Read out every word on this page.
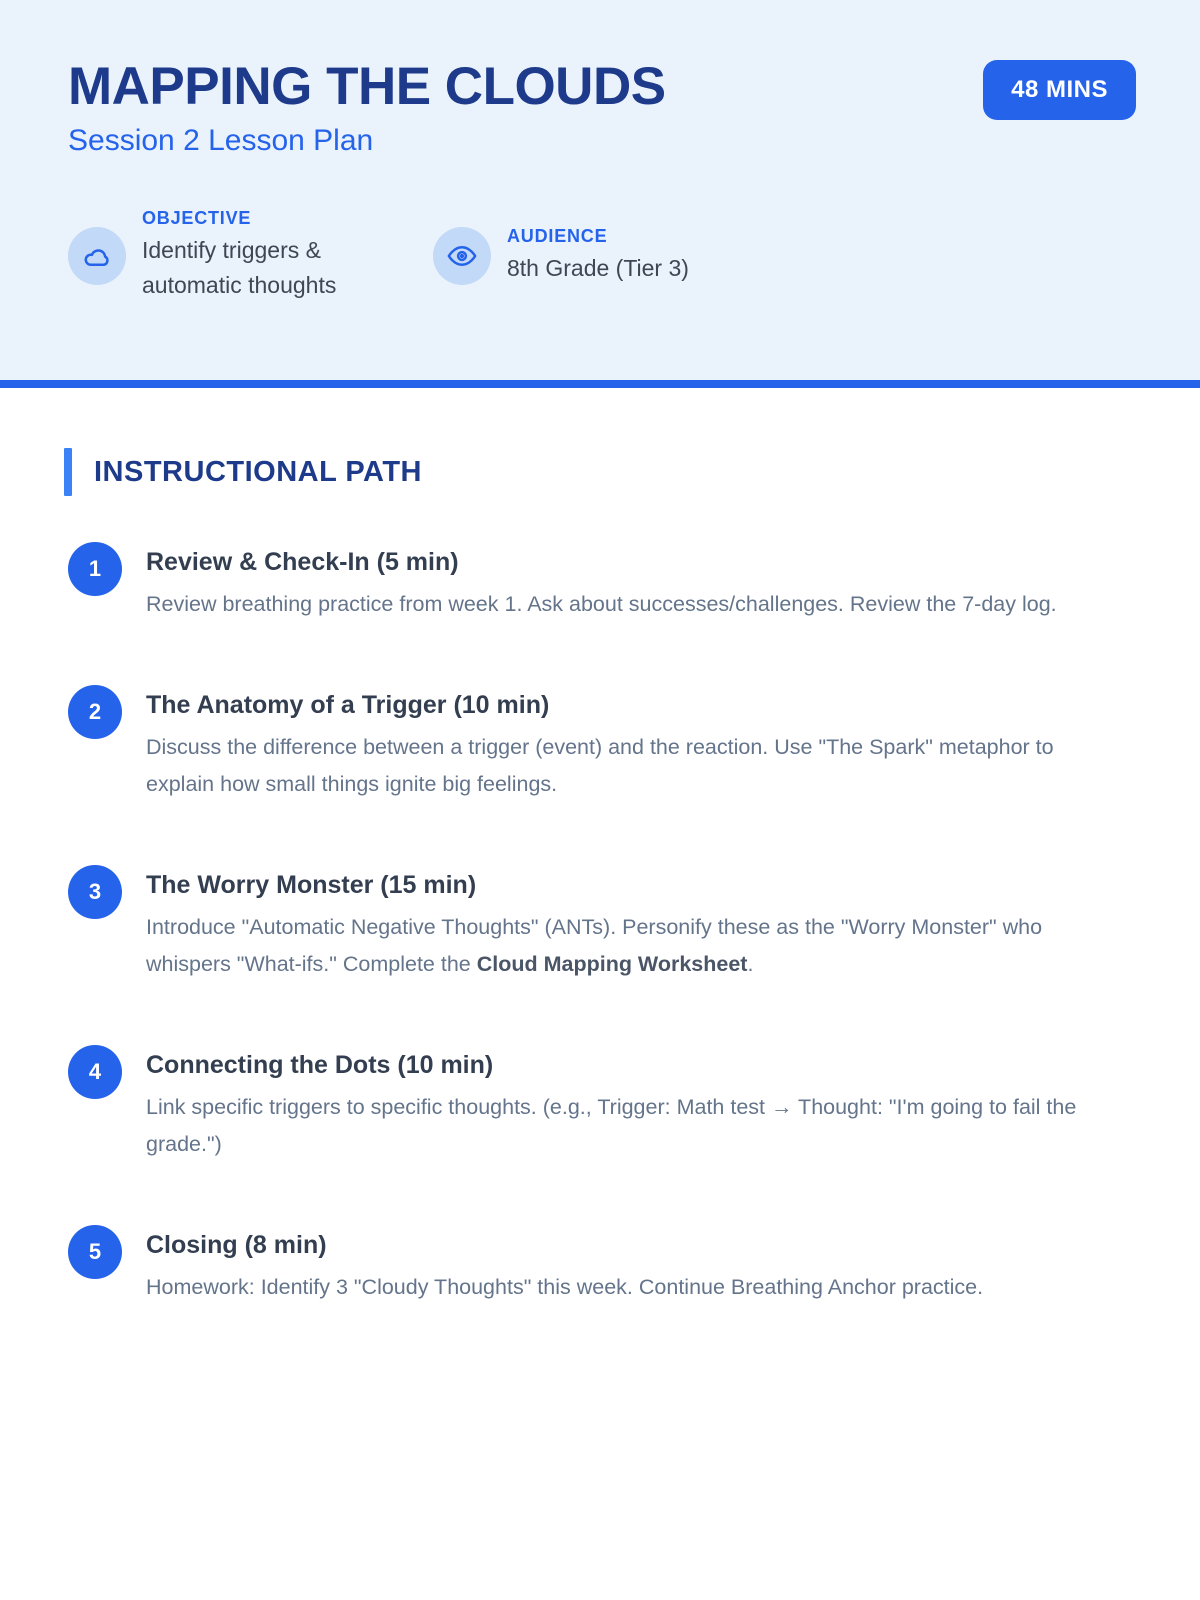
MAPPING THE CLOUDS
Session 2 Lesson Plan
48 MINS
OBJECTIVE
Identify triggers & automatic thoughts
AUDIENCE
8th Grade (Tier 3)
INSTRUCTIONAL PATH
1	Review & Check-In (5 min)
Review breathing practice from week 1. Ask about successes/challenges. Review the 7-day log.
2	The Anatomy of a Trigger (10 min)
Discuss the difference between a trigger (event) and the reaction. Use "The Spark" metaphor to explain how small things ignite big feelings.
3	The Worry Monster (15 min)
Introduce "Automatic Negative Thoughts" (ANTs). Personify these as the "Worry Monster" who whispers "What-ifs." Complete the Cloud Mapping Worksheet.
4	Connecting the Dots (10 min)
Link specific triggers to specific thoughts. (e.g., Trigger: Math test → Thought: "I'm going to fail the grade.")
5	Closing (8 min)
Homework: Identify 3 "Cloudy Thoughts" this week. Continue Breathing Anchor practice.
